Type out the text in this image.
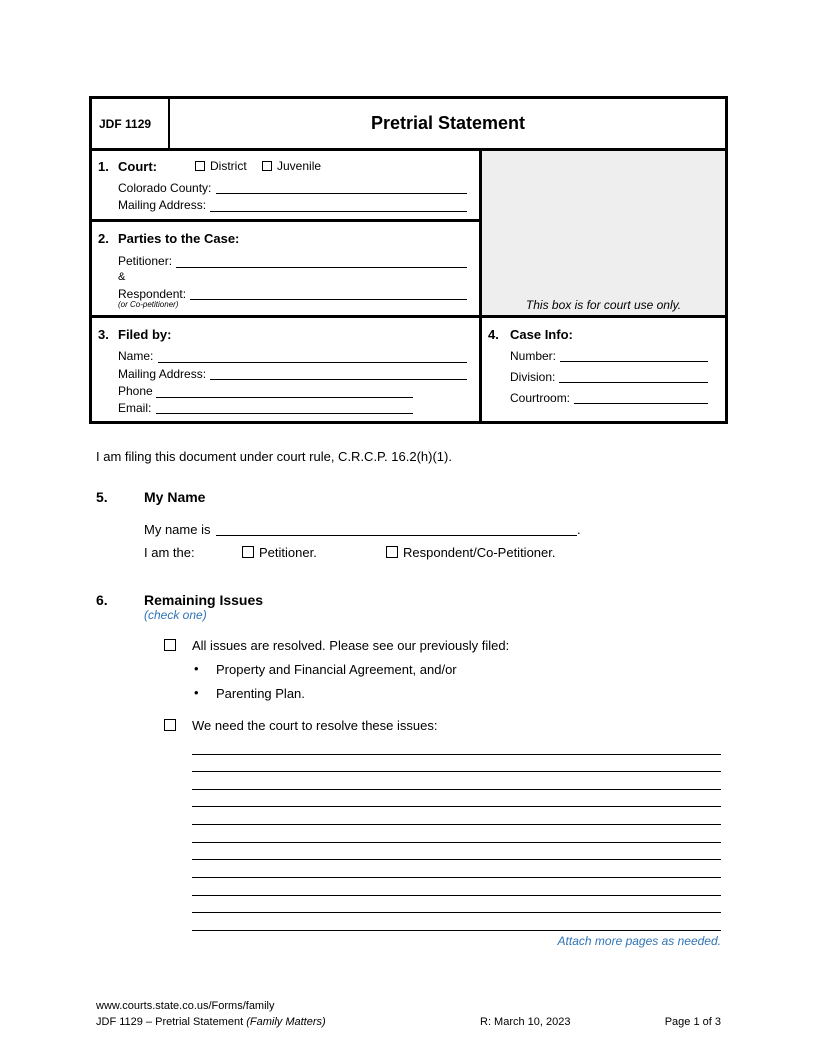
JDF 1129	Pretrial Statement
1. Court:	District	Juvenile
Colorado County:
Mailing Address:
2. Parties to the Case:
Petitioner:
&
Respondent:
(or Co-petitioner)	This box is for court use only.
3. Filed by:
Name:
Mailing Address:
Phone
Email:
4. Case Info:
Number:
Division:
Courtroom:
I am filing this document under court rule, C.R.C.P. 16.2(h)(1).
5.	My Name
My name is	.
I am the:	Petitioner.	Respondent/Co-Petitioner.
6.	Remaining Issues
(check one)
All issues are resolved. Please see our previously filed:
• Property and Financial Agreement, and/or
• Parenting Plan.
We need the court to resolve these issues:
Attach more pages as needed.
www.courts.state.co.us/Forms/family
JDF 1129 – Pretrial Statement (Family Matters)	R: March 10, 2023	Page 1 of 3
